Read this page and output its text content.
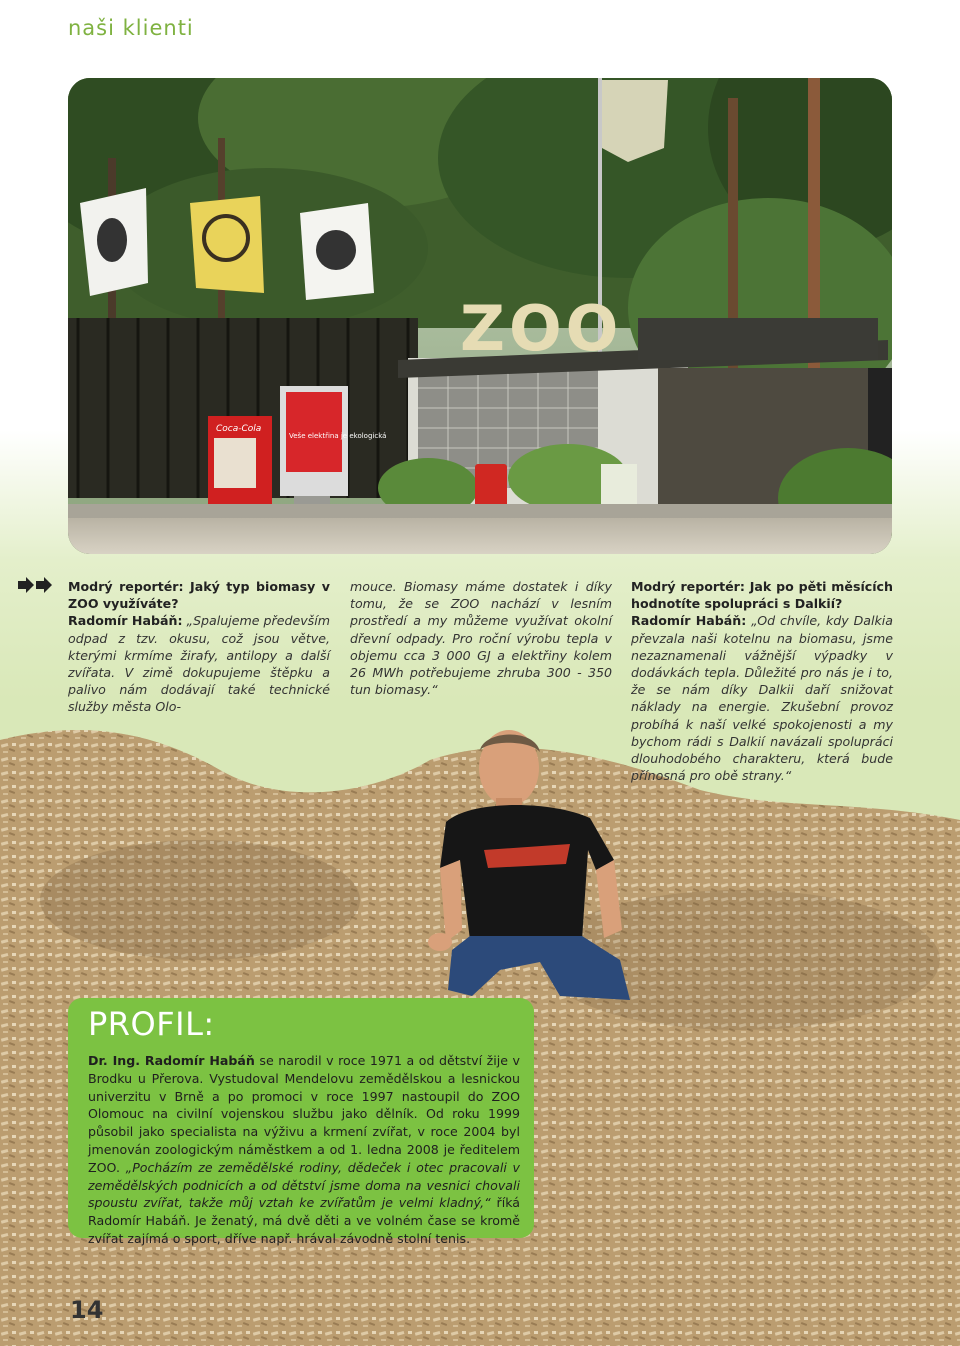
naši klienti
ZOO
Coca-Cola
Veše elektřina je ekologická

Modrý reportér: Jaký typ biomasy v ZOO využíváte?
Radomír Habáň: „Spalujeme především odpad z tzv. okusu, což jsou větve, kterými krmíme žirafy, antilopy a další zvířata. V zimě dokupujeme štěpku a palivo nám dodávají také technické služby města Olo-

mouce. Biomasy máme dostatek i díky tomu, že se ZOO nachází v lesním prostředí a my můžeme využívat okolní dřevní odpady. Pro roční výrobu tepla v objemu cca 3 000 GJ a elektřiny kolem 26 MWh potřebujeme zhruba 300 - 350 tun biomasy.“

Modrý reportér: Jak po pěti měsících hodnotíte spolupráci s Dalkií?
Radomír Habáň: „Od chvíle, kdy Dalkia převzala naši kotelnu na biomasu, jsme nezaznamenali vážnější výpadky v dodávkách tepla. Důležité pro nás je i to, že se nám díky Dalkii daří snižovat náklady na energie. Zkušební provoz probíhá k naší velké spokojenosti a my bychom rádi s Dalkií navázali spolupráci dlouhodobého charakteru, která bude přínosná pro obě strany.“

PROFIL:
Dr. Ing. Radomír Habáň se narodil v roce 1971 a od dětství žije v Brodku u Přerova. Vystudoval Mendelovu zemědělskou a lesnickou univerzitu v Brně a po promoci v roce 1997 nastoupil do ZOO Olomouc na civilní vojenskou službu jako dělník. Od roku 1999 působil jako specialista na výživu a krmení zvířat, v roce 2004 byl jmenován zoologickým náměstkem a od 1. ledna 2008 je ředitelem ZOO. „Pocházím ze zemědělské rodiny, dědeček i otec pracovali v zemědělských podnicích a od dětství jsme doma na vesnici chovali spoustu zvířat, takže můj vztah ke zvířatům je velmi kladný,“ říká Radomír Habáň. Je ženatý, má dvě děti a ve volném čase se kromě zvířat zajímá o sport, dříve např. hrával závodně stolní tenis.
14
